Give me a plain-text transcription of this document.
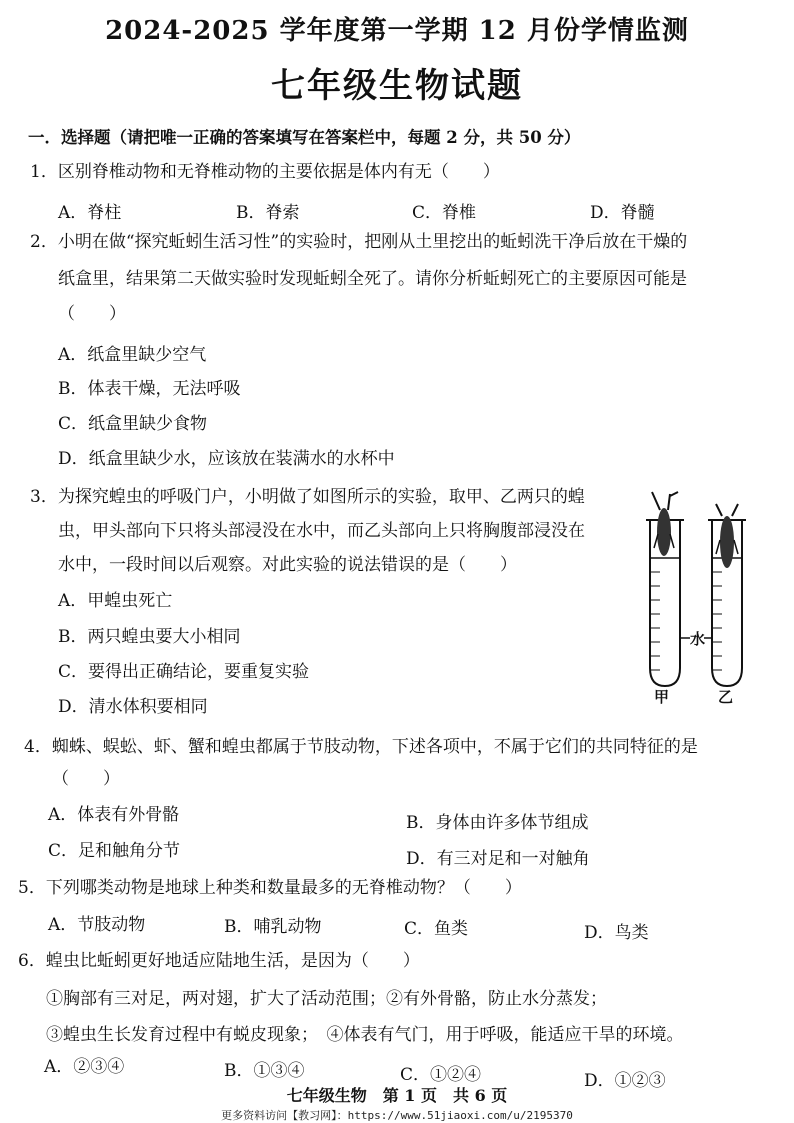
2024-2025 学年度第一学期 12 月份学情监测
七年级生物试题
一．选择题（请把唯一正确的答案填写在答案栏中，每题 2 分，共 50 分）
1．区别脊椎动物和无脊椎动物的主要依据是体内有无（　　）
A．脊柱	B．脊索	C．脊椎	D．脊髓
2．小明在做“探究蚯蚓生活习性”的实验时，把刚从土里挖出的蚯蚓洗干净后放在干燥的
纸盒里，结果第二天做实验时发现蚯蚓全死了。请你分析蚯蚓死亡的主要原因可能是
（　　）
A．纸盒里缺少空气
B．体表干燥，无法呼吸
C．纸盒里缺少食物
D．纸盒里缺少水，应该放在装满水的水杯中
3．为探究蝗虫的呼吸门户，小明做了如图所示的实验，取甲、乙两只的蝗
虫，甲头部向下只将头部浸没在水中，而乙头部向上只将胸腹部浸没在
水中，一段时间以后观察。对此实验的说法错误的是（　　）
A．甲蝗虫死亡
B．两只蝗虫要大小相同
C．要得出正确结论，要重复实验
D．清水体积要相同
水
甲	乙
4．蜘蛛、蜈蚣、虾、蟹和蝗虫都属于节肢动物，下述各项中，不属于它们的共同特征的是
（　　）
A．体表有外骨骼	B．身体由许多体节组成
C．足和触角分节	D．有三对足和一对触角
5．下列哪类动物是地球上种类和数量最多的无脊椎动物？（　　）
A．节肢动物	B．哺乳动物	C．鱼类	D．鸟类
6．蝗虫比蚯蚓更好地适应陆地生活，是因为（　　）
①胸部有三对足，两对翅，扩大了活动范围；②有外骨骼，防止水分蒸发；
③蝗虫生长发育过程中有蜕皮现象；　④体表有气门，用于呼吸，能适应干旱的环境。
A．②③④	B．①③④	C．①②④	D．①②③
七年级生物　第 1 页　共 6 页
更多资料访问【教习网】：https://www.51jiaoxi.com/u/2195370
